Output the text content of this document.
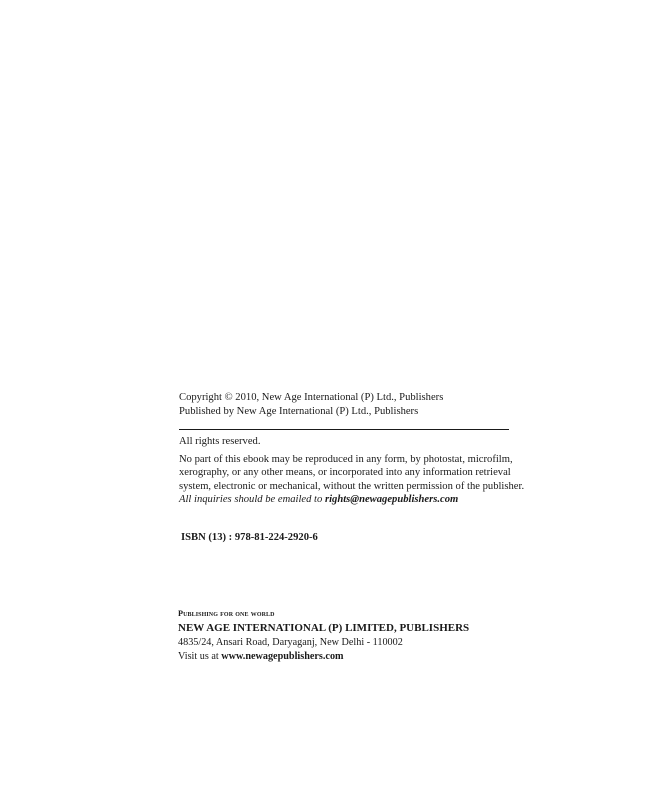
Copyright © 2010, New Age International (P) Ltd., Publishers

Published by New Age International (P) Ltd., Publishers

All rights reserved.

No part of this ebook may be reproduced in any form, by photostat, microfilm,
xerography, or any other means, or incorporated into any information retrieval
system, electronic or mechanical, without the written permission of the publisher.

All inquiries should be emailed to rights@newagepublishers.com

ISBN (13) : 978-81-224-2920-6

Publishing for one world

NEW AGE INTERNATIONAL (P) LIMITED, PUBLISHERS

4835/24, Ansari Road, Daryaganj, New Delhi - 110002

Visit us at www.newagepublishers.com
